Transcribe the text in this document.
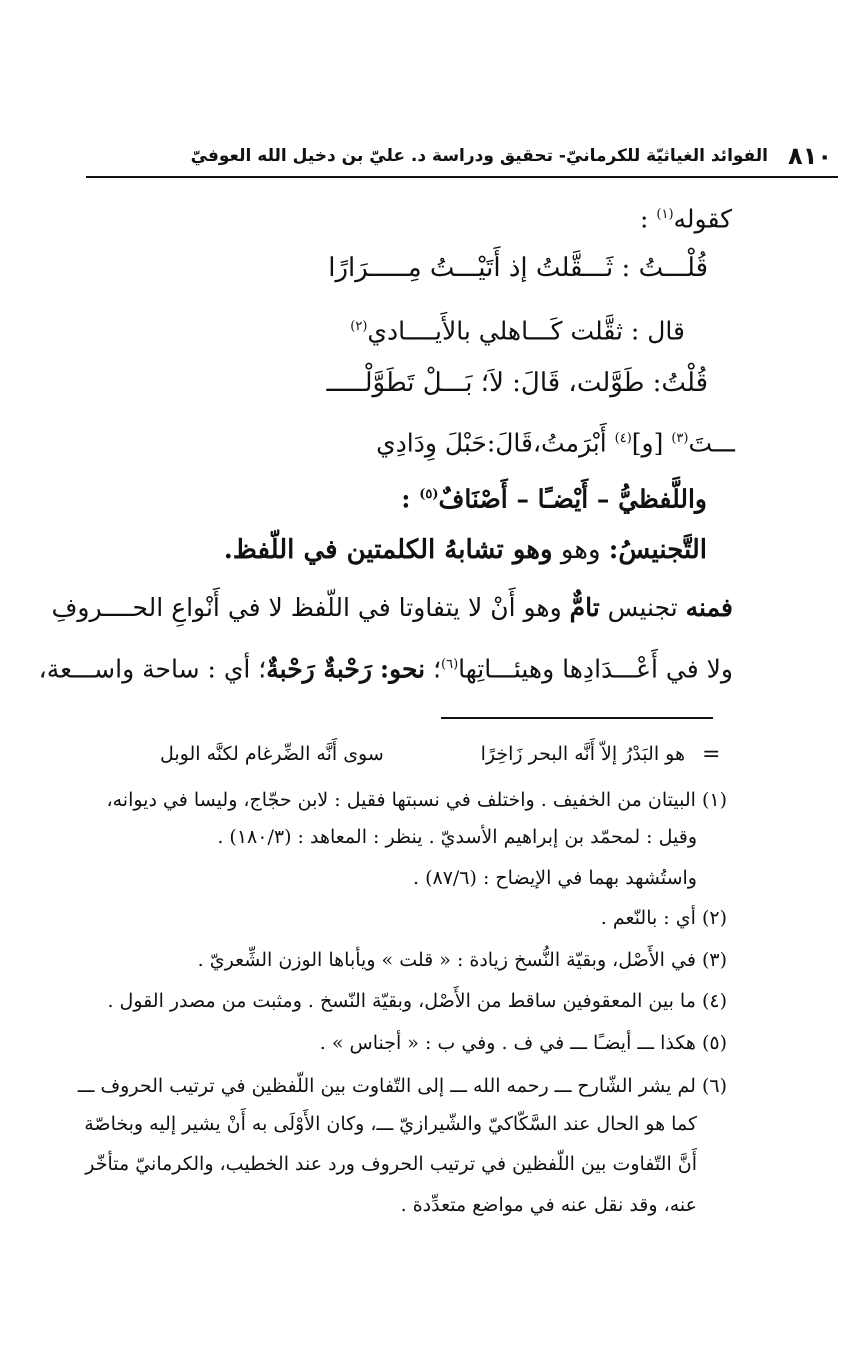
٨١٠
الفوائد الغياثيّة للكرمانيّ- تحقيق ودراسة د. عليّ بن دخيل الله العوفيّ
كقوله$^{(١)}$ :
قُلْـــتُ : ثَـــقَّلتُ إذ أَتَيْـــتُ مِـــــرَارًا
قال : ثقَّلت كَـــاهلي بالأَيــــادي$^{(٢)}$
قُلْتُ: طَوَّلت، قَالَ: لاَ؛ بَـــلْ تَطَوَّلْـــــ
ـــتَ$^{(٣)}$ [و]$^{(٤)}$ أَبْرَمتُ،قَالَ:حَبْلَ وِدَادِي
واللَّفظيُّ – أَيْضـًا – أَصْنَافٌ$^{(٥)}$ :
التَّجنيسُ: وهو وهو تشابهُ الكلمتين في اللّفظ.
فمنه تجنيس تامٌّ وهو أَنْ لا يتفاوتا في اللّفظ لا في أَنْواعِ الحــــروفِ
ولا في أَعْـــدَادِها وهيئـــاتِها$^{(٦)}$؛ نحو: رَحْبةٌ رَحْبةٌ؛ أي : ساحة واســـعة،
=
هو البَدْرُ إلاّ أَنَّه البحر زَاخِرًا
سوى أَنَّه الضِّرغام لكنَّه الوبل
(١) البيتان من الخفيف . واختلف في نسبتها فقيل : لابن حجّاج، وليسا في ديوانه،
وقيل : لمحمّد بن إبراهيم الأسديّ . ينظر : المعاهد : (١٨٠/٣) .
واستُشهد بهما في الإيضاح : (٨٧/٦) .
(٢) أي : بالنّعم .
(٣) في الأَصْل، وبقيّة النُّسخ زيادة : « قلت » ويأباها الوزن الشِّعريّ .
(٤) ما بين المعقوفين ساقط من الأَصْل، وبقيّة النّسخ . ومثبت من مصدر القول .
(٥) هكذا ـــ أيضـًا ـــ في ف . وفي ب : « أجناس » .
(٦) لم يشر الشّارح ـــ رحمه الله ـــ إلى التّفاوت بين اللّفظين في ترتيب الحروف ـــ
كما هو الحال عند السَّكّاكيّ والشّيرازيّ ـــ، وكان الأَوْلَى به أَنْ يشير إليه وبخاصّة
أَنَّ التّفاوت بين اللّفظين في ترتيب الحروف ورد عند الخطيب، والكرمانيّ متأخّر
عنه، وقد نقل عنه في مواضع متعدِّدة .
